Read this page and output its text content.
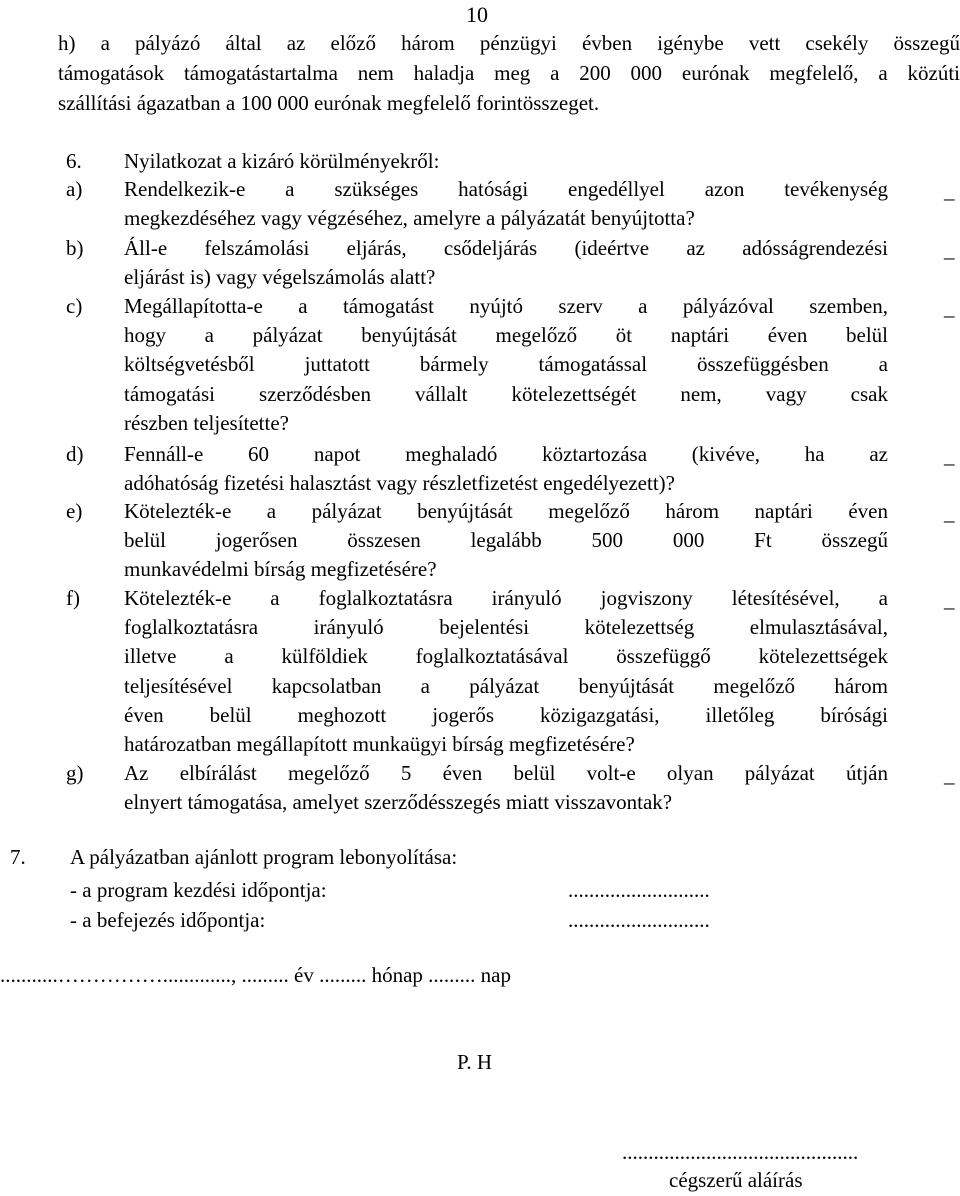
10
h) a pályázó által az előző három pénzügyi évben igénybe vett csekély összegű
támogatások támogatástartalma nem haladja meg a 200 000 eurónak megfelelő, a közúti
szállítási ágazatban a 100 000 eurónak megfelelő forintösszeget.
6. Nyilatkozat a kizáró körülményekről:
a) Rendelkezik-e a szükséges hatósági engedéllyel azon tevékenység
megkezdéséhez vagy végzéséhez, amelyre a pályázatát benyújtotta?
_
b) Áll-e felszámolási eljárás, csődeljárás (ideértve az adósságrendezési
eljárást is) vagy végelszámolás alatt?
_
c) Megállapította-e a támogatást nyújtó szerv a pályázóval szemben,
hogy a pályázat benyújtását megelőző öt naptári éven belül
költségvetésből juttatott bármely támogatással összefüggésben a
támogatási szerződésben vállalt kötelezettségét nem, vagy csak
részben teljesítette?
_
d) Fennáll-e 60 napot meghaladó köztartozása (kivéve, ha az
adóhatóság fizetési halasztást vagy részletfizetést engedélyezett)?
_
e) Kötelezték-e a pályázat benyújtását megelőző három naptári éven
belül jogerősen összesen legalább 500 000 Ft összegű
munkavédelmi bírság megfizetésére?
_
f) Kötelezték-e a foglalkoztatásra irányuló jogviszony létesítésével, a
foglalkoztatásra irányuló bejelentési kötelezettség elmulasztásával,
illetve a külföldiek foglalkoztatásával összefüggő kötelezettségek
teljesítésével kapcsolatban a pályázat benyújtását megelőző három
éven belül meghozott jogerős közigazgatási, illetőleg bírósági
határozatban megállapított munkaügyi bírság megfizetésére?
_
g) Az elbírálást megelőző 5 éven belül volt-e olyan pályázat útján
elnyert támogatása, amelyet szerződésszegés miatt visszavontak?
_
7. A pályázatban ajánlott program lebonyolítása:
- a program kezdési időpontja:	...........................
- a befejezés időpontja:	...........................
...........……………............., ......... év ......... hónap ......... nap
P. H
.............................................
cégszerű aláírás
